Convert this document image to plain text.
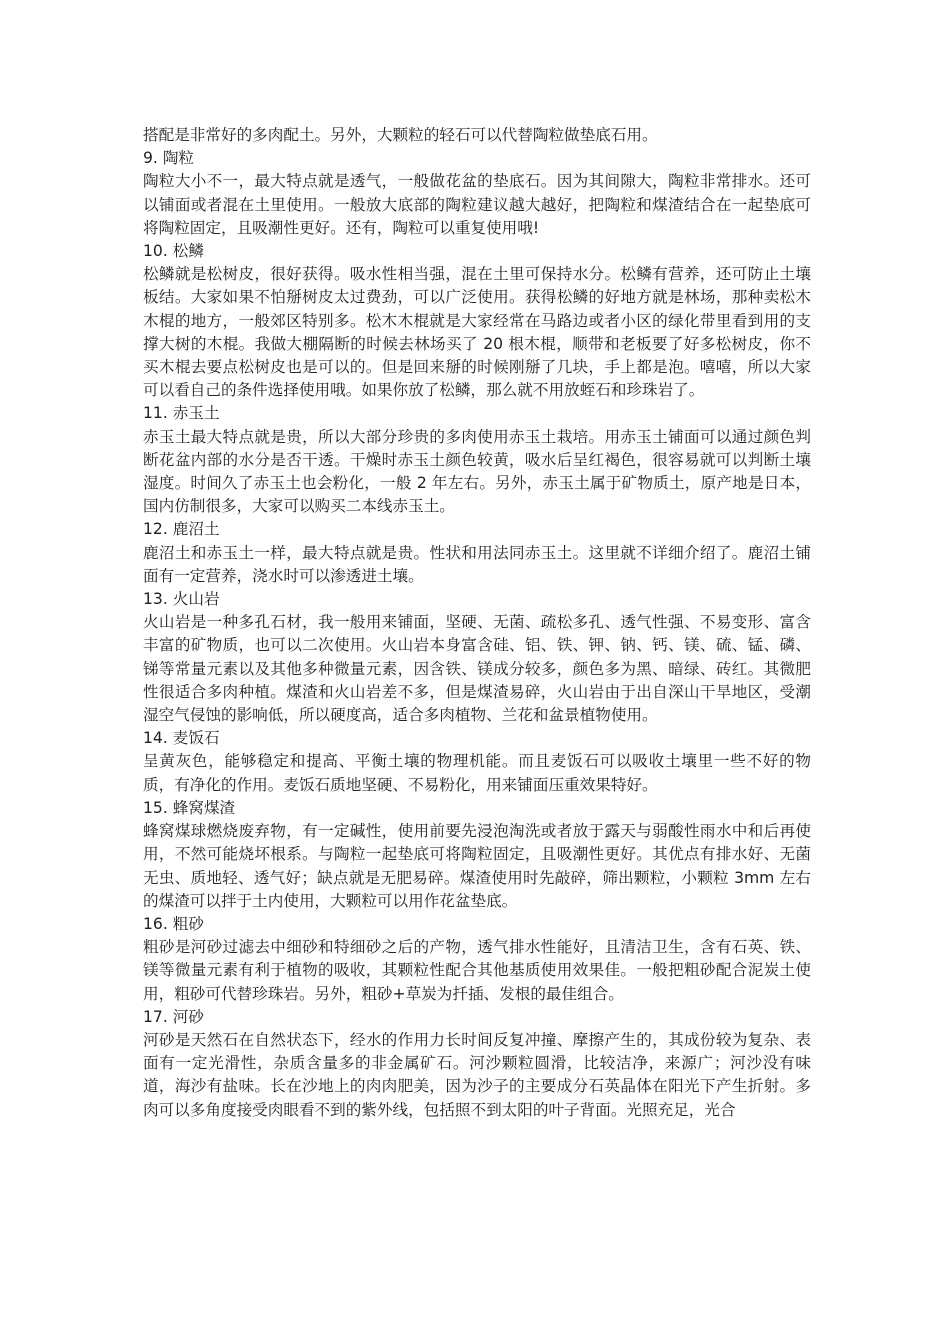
搭配是非常好的多肉配土。另外，大颗粒的轻石可以代替陶粒做垫底石用。

9. 陶粒

陶粒大小不一，最大特点就是透气，一般做花盆的垫底石。因为其间隙大，陶粒非常排水。还可以铺面或者混在土里使用。一般放大底部的陶粒建议越大越好，把陶粒和煤渣结合在一起垫底可将陶粒固定，且吸潮性更好。还有，陶粒可以重复使用哦!

10. 松鳞

松鳞就是松树皮，很好获得。吸水性相当强，混在土里可保持水分。松鳞有营养，还可防止土壤板结。大家如果不怕掰树皮太过费劲，可以广泛使用。获得松鳞的好地方就是林场，那种卖松木木棍的地方，一般郊区特别多。松木木棍就是大家经常在马路边或者小区的绿化带里看到用的支撑大树的木棍。我做大棚隔断的时候去林场买了 20 根木棍，顺带和老板要了好多松树皮，你不买木棍去要点松树皮也是可以的。但是回来掰的时候刚掰了几块，手上都是泡。嘻嘻，所以大家可以看自己的条件选择使用哦。如果你放了松鳞，那么就不用放蛭石和珍珠岩了。

11. 赤玉土

赤玉土最大特点就是贵，所以大部分珍贵的多肉使用赤玉土栽培。用赤玉土铺面可以通过颜色判断花盆内部的水分是否干透。干燥时赤玉土颜色较黄，吸水后呈红褐色，很容易就可以判断土壤湿度。时间久了赤玉土也会粉化，一般 2 年左右。另外，赤玉土属于矿物质土，原产地是日本，国内仿制很多，大家可以购买二本线赤玉土。

12. 鹿沼土

鹿沼土和赤玉土一样，最大特点就是贵。性状和用法同赤玉土。这里就不详细介绍了。鹿沼土铺面有一定营养，浇水时可以渗透进土壤。

13. 火山岩

火山岩是一种多孔石材，我一般用来铺面，坚硬、无菌、疏松多孔、透气性强、不易变形、富含丰富的矿物质，也可以二次使用。火山岩本身富含硅、铝、铁、钾、钠、钙、镁、硫、锰、磷、锑等常量元素以及其他多种微量元素，因含铁、镁成分较多，颜色多为黑、暗绿、砖红。其微肥性很适合多肉种植。煤渣和火山岩差不多，但是煤渣易碎，火山岩由于出自深山干旱地区，受潮湿空气侵蚀的影响低，所以硬度高，适合多肉植物、兰花和盆景植物使用。

14. 麦饭石

呈黄灰色，能够稳定和提高、平衡土壤的物理机能。而且麦饭石可以吸收土壤里一些不好的物质，有净化的作用。麦饭石质地坚硬、不易粉化，用来铺面压重效果特好。

15. 蜂窝煤渣

蜂窝煤球燃烧废弃物，有一定碱性，使用前要先浸泡淘洗或者放于露天与弱酸性雨水中和后再使用，不然可能烧坏根系。与陶粒一起垫底可将陶粒固定，且吸潮性更好。其优点有排水好、无菌无虫、质地轻、透气好；缺点就是无肥易碎。煤渣使用时先敲碎，筛出颗粒，小颗粒 3mm 左右的煤渣可以拌于土内使用，大颗粒可以用作花盆垫底。

16. 粗砂

粗砂是河砂过滤去中细砂和特细砂之后的产物，透气排水性能好，且清洁卫生，含有石英、铁、镁等微量元素有利于植物的吸收，其颗粒性配合其他基质使用效果佳。一般把粗砂配合泥炭土使用，粗砂可代替珍珠岩。另外，粗砂+草炭为扦插、发根的最佳组合。

17. 河砂

河砂是天然石在自然状态下，经水的作用力长时间反复冲撞、摩擦产生的，其成份较为复杂、表面有一定光滑性，杂质含量多的非金属矿石。河沙颗粒圆滑，比较洁净，来源广；河沙没有味道，海沙有盐味。长在沙地上的肉肉肥美，因为沙子的主要成分石英晶体在阳光下产生折射。多肉可以多角度接受肉眼看不到的紫外线，包括照不到太阳的叶子背面。光照充足，光合
